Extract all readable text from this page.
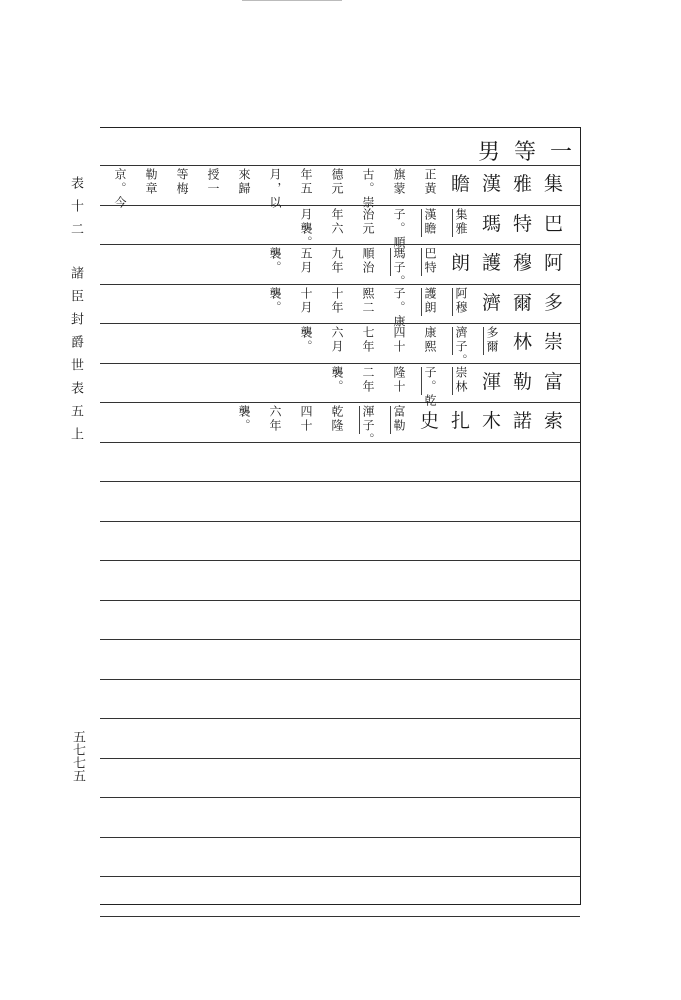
男等一
集
雅
漢
瞻
正黃
旗蒙
古。崇
德元
年五
月，以
來歸
授一
等梅
勒章
京。今
巴
特
瑪
集雅
漢瞻
子。順
治元
年六
月襲。
阿
穆
護
朗
巴特
瑪子。
順治
九年
五月
襲。
多
爾
濟
阿穆
護朗
子。康
熙二
十年
十月
襲。
崇
林
多爾
濟子。
康熙
四十
七年
六月
襲。
富
勒
渾
崇林
子。乾
隆十
二年
襲。
索
諾
木
扎
史
富勒
渾子。
乾隆
四十
六年
襲。
表十二
諸臣封爵世表五上
五七七五
